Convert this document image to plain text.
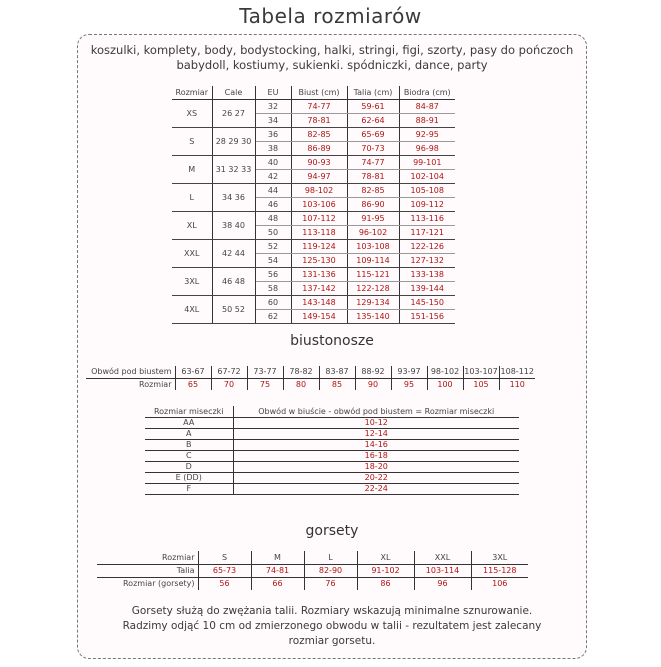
Tabela rozmiarów
koszulki, komplety, body, bodystocking, halki, stringi, figi, szorty, pasy do pończoch
babydoll, kostiumy, sukienki. spódniczki, dance, party
Rozmiar	Cale	EU	Biust (cm)	Talia (cm)	Biodra (cm)
XS	26 27	32	74-77	59-61	84-87
		34	78-81	62-64	88-91
S	28 29 30	36	82-85	65-69	92-95
		38	86-89	70-73	96-98
M	31 32 33	40	90-93	74-77	99-101
		42	94-97	78-81	102-104
L	34 36	44	98-102	82-85	105-108
		46	103-106	86-90	109-112
XL	38 40	48	107-112	91-95	113-116
		50	113-118	96-102	117-121
XXL	42 44	52	119-124	103-108	122-126
		54	125-130	109-114	127-132
3XL	46 48	56	131-136	115-121	133-138
		58	137-142	122-128	139-144
4XL	50 52	60	143-148	129-134	145-150
		62	149-154	135-140	151-156
biustonosze
Obwód pod biustem	63-67	67-72	73-77	78-82	83-87	88-92	93-97	98-102	103-107	108-112
Rozmiar	65	70	75	80	85	90	95	100	105	110
Rozmiar miseczki	Obwód w biuście - obwód pod biustem = Rozmiar miseczki
AA	10-12
A	12-14
B	14-16
C	16-18
D	18-20
E (DD)	20-22
F	22-24
gorsety
Rozmiar	S	M	L	XL	XXL	3XL
Talia	65-73	74-81	82-90	91-102	103-114	115-128
Rozmiar (gorsety)	56	66	76	86	96	106
Gorsety służą do zwężania talii. Rozmiary wskazują minimalne sznurowanie.
Radzimy odjąć 10 cm od zmierzonego obwodu w talii - rezultatem jest zalecany
rozmiar gorsetu.
